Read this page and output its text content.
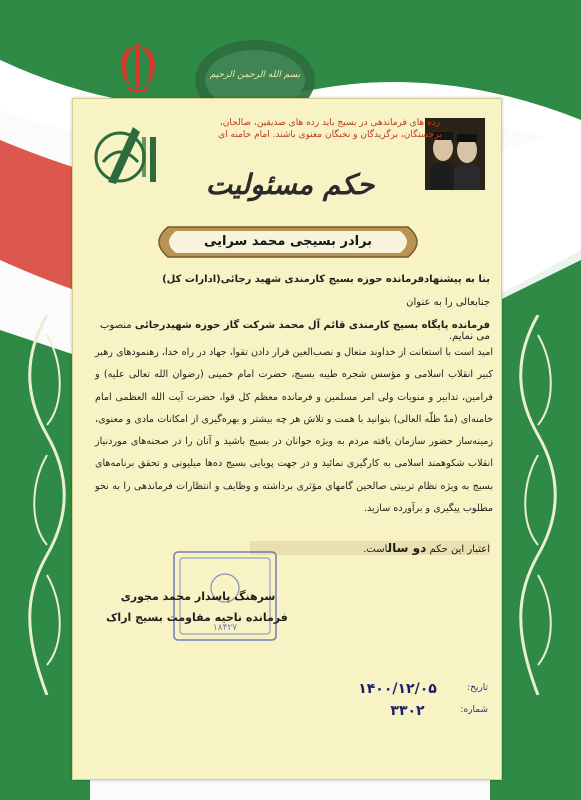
بسم الله الرحمن الرحیم
رده های فرماندهی در بسیج باید رده های صدیقین، صالحان، برجستگان، برگزیدگان و نخبگان معنوی باشند. امام خامنه ای
حکم مسئولیت
برادر بسیجی محمد سرایی
بنا به پیشنهادفرمانده حوزه بسیج کارمندی شهید رجائی(ادارات کل)
جنابعالی را به عنوان
فرمانده پایگاه بسیج کارمندی قائم آل محمد شرکت گاز حوزه شهیدرجائی منصوب می نمایم.
امید است با استعانت از خداوند متعال و نصب‌العین قرار دادن تقوا، جهاد در راه خدا، رهنمودهای رهبر کبیر انقلاب اسلامی و مؤسس شجره طیبه بسیج، حضرت امام خمینی (رضوان الله تعالی علیه) و فرامین، تدابیر و منویات ولی امر مسلمین و فرمانده معظم کل قوا، حضرت آیت الله العظمی امام خامنه‌ای (مدّ ظلّه العالی) بتوانید با همت و تلاش هر چه بیشتر و بهره‌گیری از امکانات مادی و معنوی، زمینه‌ساز حضور سازمان یافته مردم به ویژه جوانان در بسیج باشید و آنان را در صحنه‌های موردنیاز انقلاب شکوهمند اسلامی به کارگیری نمائید و در جهت پویایی بسیج ده‌ها میلیونی و تحقق برنامه‌های بسیج به ویژه نظام تربیتی صالحین گامهای مؤثری برداشته و وظایف و انتظارات فرماندهی را به نحو مطلوب پیگیری و برآورده سازید.
اعتبار این حکم دو سالاست.
۱۸۴۲۷
سرهنگ پاسدار محمد مجوری
فرمانده ناحیه مقاومت بسیج اراک
تاریخ:
۱۴۰۰/۱۲/۰۵
شماره:
۳۳۰۲
